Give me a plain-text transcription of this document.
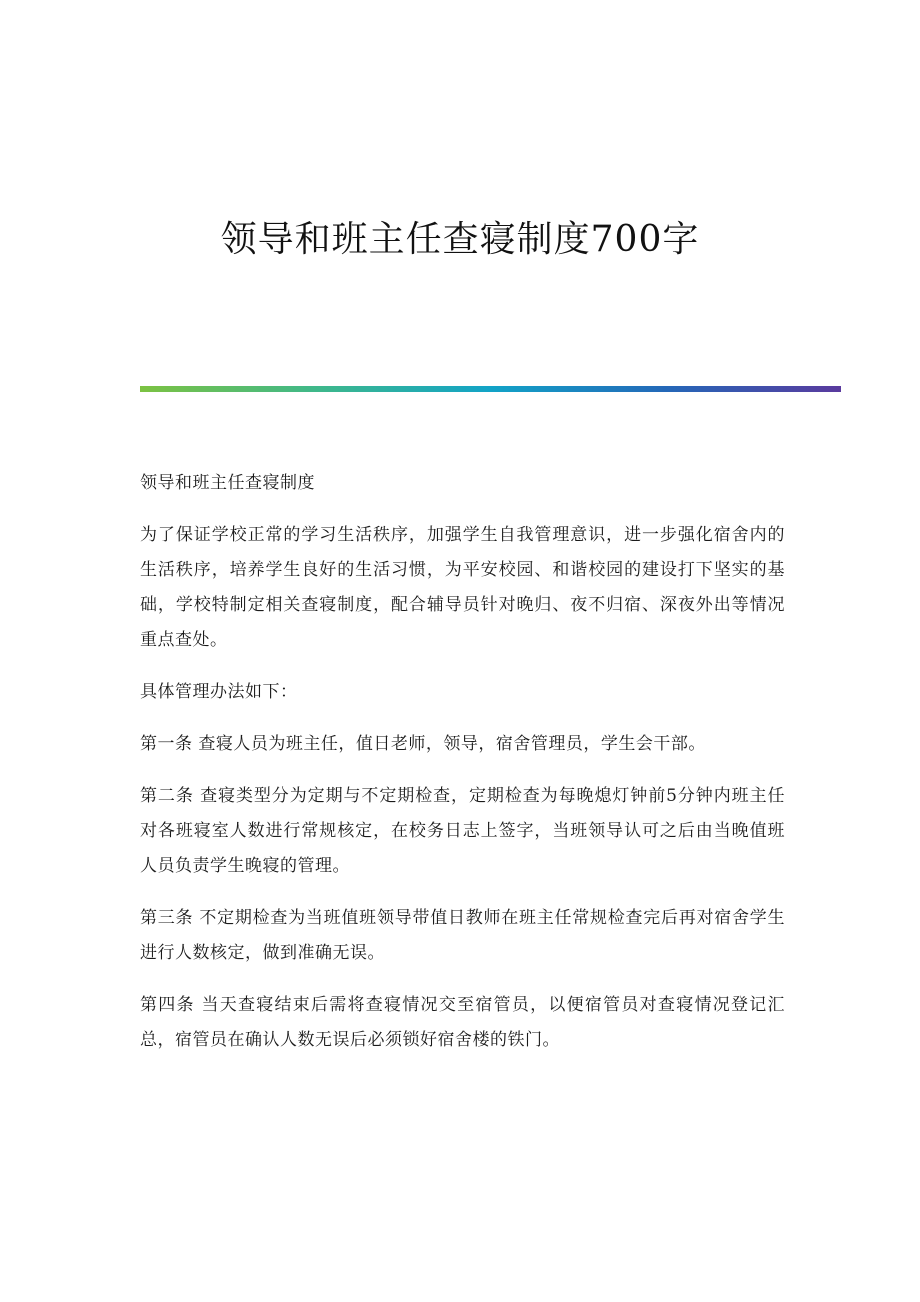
领导和班主任查寝制度700字

领导和班主任查寝制度

为了保证学校正常的学习生活秩序，加强学生自我管理意识，进一步强化宿舍内的生活秩序，培养学生良好的生活习惯，为平安校园、和谐校园的建设打下坚实的基础，学校特制定相关查寝制度，配合辅导员针对晚归、夜不归宿、深夜外出等情况重点查处。

具体管理办法如下：

第一条 查寝人员为班主任，值日老师，领导，宿舍管理员，学生会干部。

第二条 查寝类型分为定期与不定期检查，定期检查为每晚熄灯钟前5分钟内班主任对各班寝室人数进行常规核定，在校务日志上签字，当班领导认可之后由当晚值班人员负责学生晚寝的管理。

第三条 不定期检查为当班值班领导带值日教师在班主任常规检查完后再对宿舍学生进行人数核定，做到准确无误。

第四条 当天查寝结束后需将查寝情况交至宿管员，以便宿管员对查寝情况登记汇总，宿管员在确认人数无误后必须锁好宿舍楼的铁门。
